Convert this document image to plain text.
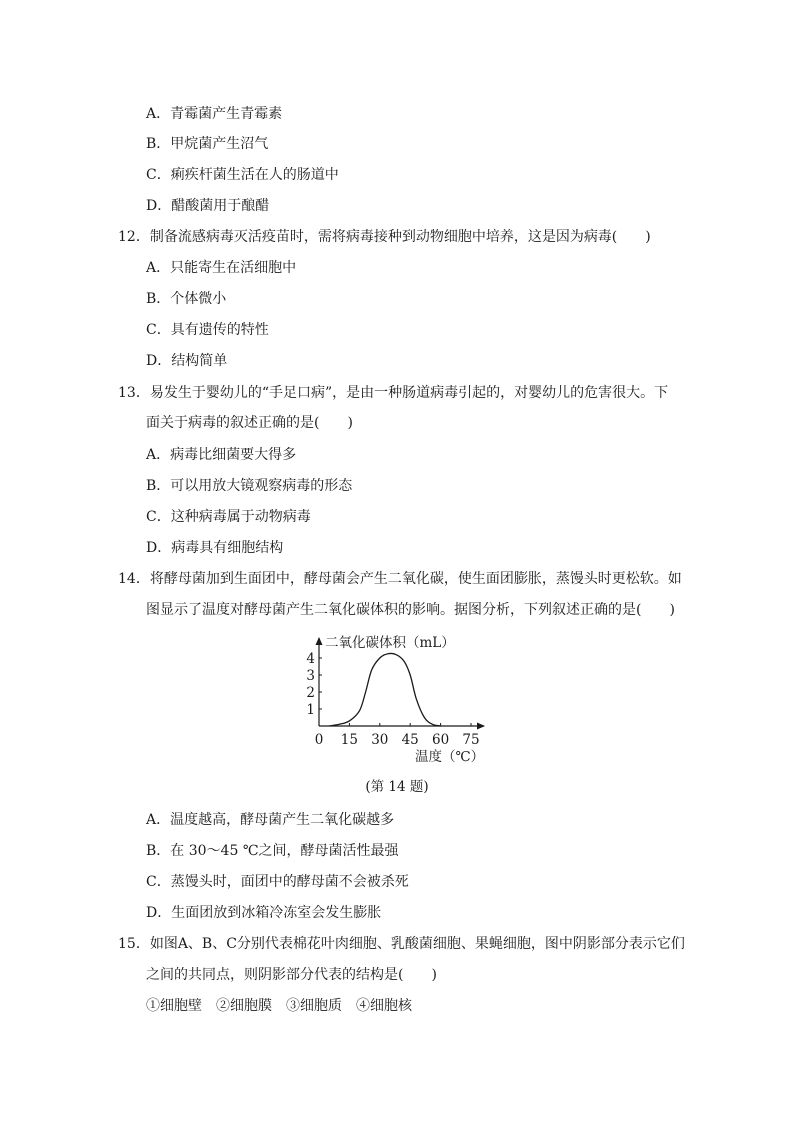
A．青霉菌产生青霉素
B．甲烷菌产生沼气
C．痢疾杆菌生活在人的肠道中
D．醋酸菌用于酿醋
12．制备流感病毒灭活疫苗时，需将病毒接种到动物细胞中培养，这是因为病毒(　　)
A．只能寄生在活细胞中
B．个体微小
C．具有遗传的特性
D．结构简单
13．易发生于婴幼儿的“手足口病”，是由一种肠道病毒引起的，对婴幼儿的危害很大。下
面关于病毒的叙述正确的是(　　)
A．病毒比细菌要大得多
B．可以用放大镜观察病毒的形态
C．这种病毒属于动物病毒
D．病毒具有细胞结构
14．将酵母菌加到生面团中，酵母菌会产生二氧化碳，使生面团膨胀，蒸馒头时更松软。如
图显示了温度对酵母菌产生二氧化碳体积的影响。据图分析，下列叙述正确的是(　　)
0 15 30 45 60 75
1
2
3
4
二氧化碳体积（mL）
温度（℃）
(第 14 题)
A．温度越高，酵母菌产生二氧化碳越多
B．在 30～45 ℃之间，酵母菌活性最强
C．蒸馒头时，面团中的酵母菌不会被杀死
D．生面团放到冰箱冷冻室会发生膨胀
15．如图A、B、C分别代表棉花叶肉细胞、乳酸菌细胞、果蝇细胞，图中阴影部分表示它们
之间的共同点，则阴影部分代表的结构是(　　)
①细胞壁　②细胞膜　③细胞质　④细胞核
